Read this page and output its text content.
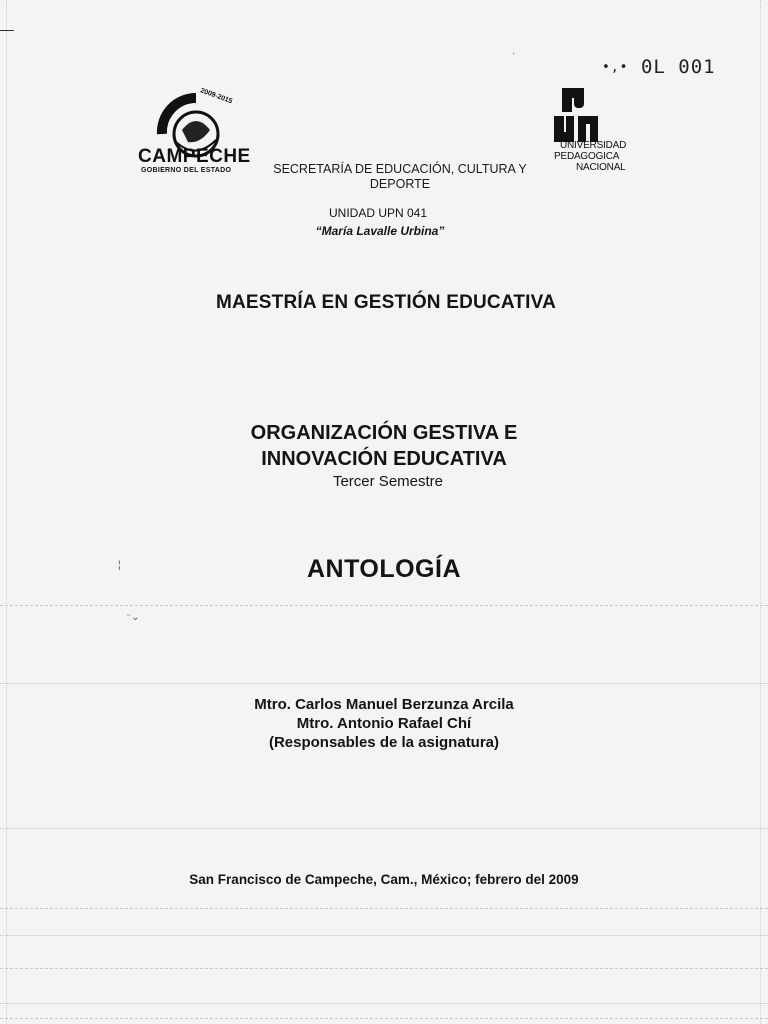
⁻⌄
¦
·
•,• 0L 001
2009-2015
CAMPECHE
GOBIERNO DEL ESTADO
UNIVERSIDAD
PEDAGOGICA
NACIONAL
SECRETARÍA DE EDUCACIÓN, CULTURA Y
DEPORTE
UNIDAD UPN 041
“María Lavalle Urbina”
MAESTRÍA EN GESTIÓN EDUCATIVA
ORGANIZACIÓN GESTIVA E
INNOVACIÓN EDUCATIVA
Tercer Semestre
ANTOLOGÍA
Mtro. Carlos Manuel Berzunza Arcila
Mtro. Antonio Rafael Chí
(Responsables de la asignatura)
San Francisco de Campeche, Cam., México; febrero del 2009
